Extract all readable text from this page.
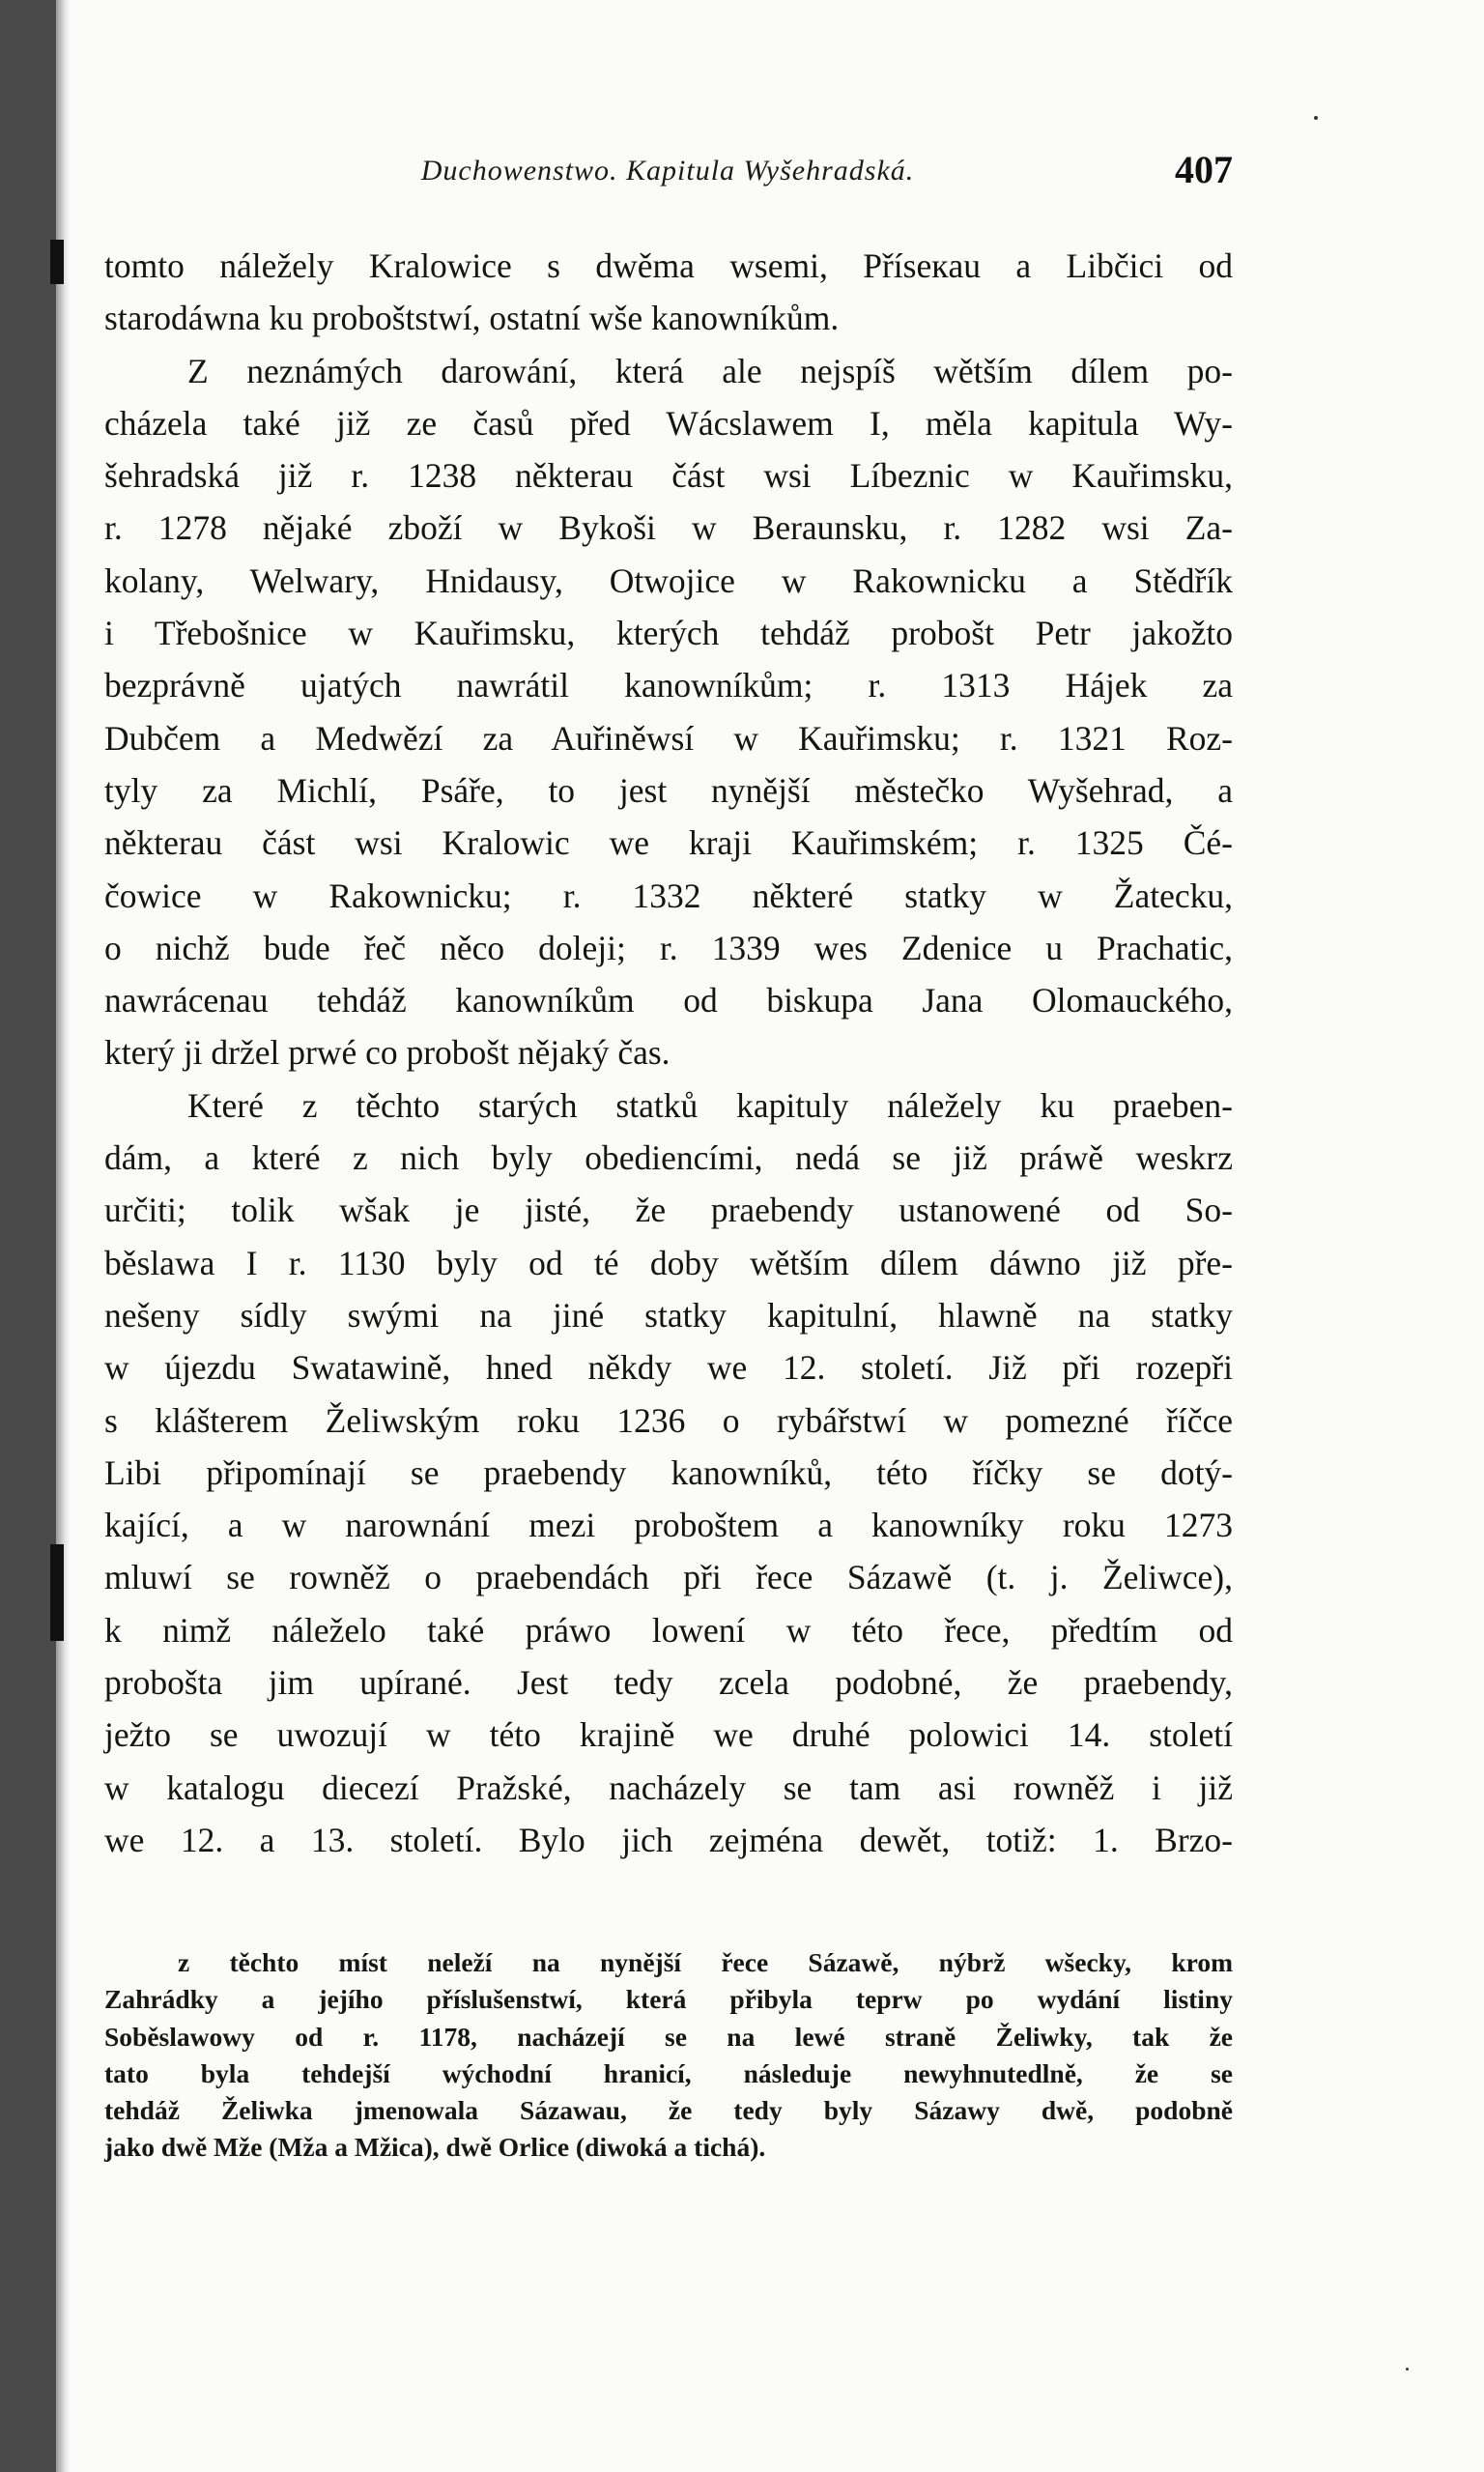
Duchowenstwo. Kapitula Wyšehradská.	407
tomto náležely Kralowice s dwěma wsemi, Příseкau a Libčici od
starodáwna ku proboštstwí, ostatní wše kanowníkům.
Z neznámých darowání, která ale nejspíš wětším dílem po-
cházela také již ze časů před Wácslawem I, měla kapitula Wy-
šehradská již r. 1238 některau část wsi Líbeznic w Kauřimsku,
r. 1278 nějaké zboží w Bykoši w Beraunsku, r. 1282 wsi Za-
kolany, Welwary, Hnidausy, Otwojice w Rakownicku a Stědřík
i Třebošnice w Kauřimsku, kterých tehdáž probošt Petr jakožto
bezprávně ujatých nawrátil kanowníkům; r. 1313 Hájek za
Dubčem a Medwězí za Auřiněwsí w Kauřimsku; r. 1321 Roz-
tyly za Michlí, Psáře, to jest nynější městečko Wyšehrad, a
některau část wsi Kralowic we kraji Kauřimském; r. 1325 Čé-
čowice w Rakownicku; r. 1332 některé statky w Žatecku,
o nichž bude řeč něco doleji; r. 1339 wes Zdenice u Prachatic,
nawrácenau tehdáž kanowníkům od biskupa Jana Olomauckého,
který ji držel prwé co probošt nějaký čas.
Které z těchto starých statků kapituly náležely ku praeben-
dám, a které z nich byly obediencími, nedá se již práwě weskrz
určiti; tolik wšak je jisté, že praebendy ustanowené od So-
běslawa I r. 1130 byly od té doby wětším dílem dáwno již pře-
nešeny sídly swými na jiné statky kapitulní, hlawně na statky
w újezdu Swatawině, hned někdy we 12. století. Již při rozepři
s klášterem Želiwským roku 1236 o rybářstwí w pomezné říčce
Libi připomínají se praebendy kanowníků, této říčky se dotý-
kající, a w narownání mezi proboštem a kanowníky roku 1273
mluwí se rowněž o praebendách při řece Sázawě (t. j. Želiwce),
k nimž náleželo také práwo lowení w této řece, předtím od
probošta jim upírané. Jest tedy zcela podobné, že praebendy,
ježto se uwozují w této krajině we druhé polowici 14. století
w katalogu diecezí Pražské, nacházely se tam asi rowněž i již
we 12. a 13. století. Bylo jich zejména dewět, totiž: 1. Brzo-
z těchto míst neleží na nynější řece Sázawě, nýbrž wšecky, krom
Zahrádky a jejího příslušenstwí, která přibyla teprw po wydání listiny
Soběslawowy od r. 1178, nacházejí se na lewé straně Želiwky, tak že
tato byla tehdejší wýchodní hranicí, následuje newyhnutedlně, že se
tehdáž Želiwka jmenowala Sázawau, že tedy byly Sázawy dwě, podobně
jako dwě Mže (Mža a Mžica), dwě Orlice (diwoká a tichá).
